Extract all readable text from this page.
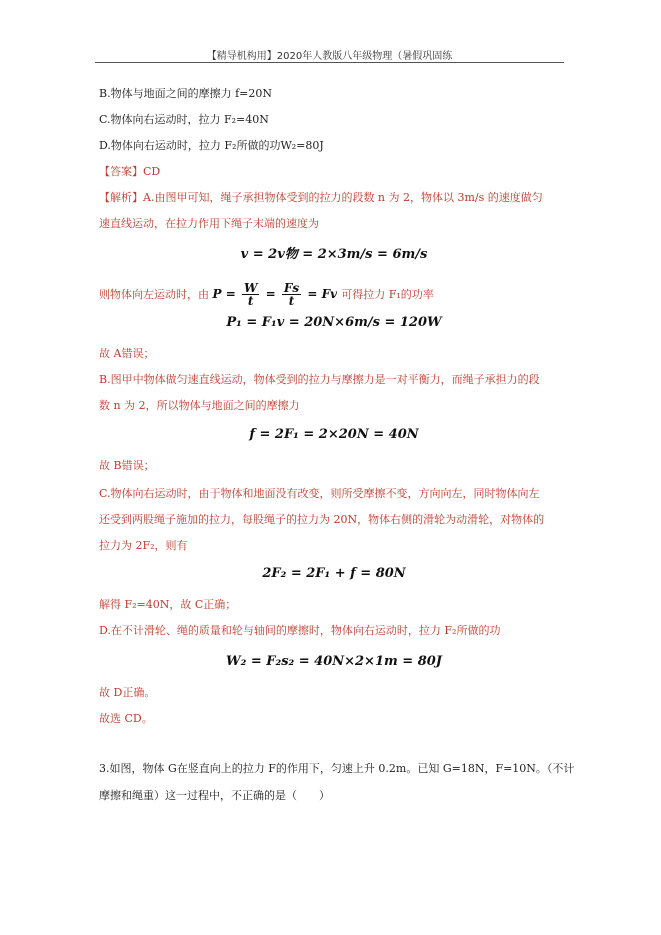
【精导机构用】2020年人教版八年级物理（暑假巩固练
B.物体与地面之间的摩擦力 f=20N
C.物体向右运动时，拉力 F₂=40N
D.物体向右运动时，拉力 F₂所做的功W₂=80J
【答案】CD
【解析】A.由图甲可知，绳子承担物体受到的拉力的段数 n 为 2，物体以 3m/s 的速度做匀
速直线运动，在拉力作用下绳子末端的速度为
v = 2v物 = 2×3m/s = 6m/s
则物体向左运动时，由 $P = \frac{W}{t} = \frac{Fs}{t} = Fv$ 可得拉力 F₁的功率
P₁ = F₁v = 20N×6m/s = 120W
故 A错误；
B.图甲中物体做匀速直线运动，物体受到的拉力与摩擦力是一对平衡力，而绳子承担力的段
数 n 为 2，所以物体与地面之间的摩擦力
f = 2F₁ = 2×20N = 40N
故 B错误；
C.物体向右运动时，由于物体和地面没有改变，则所受摩擦不变，方向向左，同时物体向左
还受到两股绳子施加的拉力，每股绳子的拉力为 20N，物体右侧的滑轮为动滑轮，对物体的
拉力为 2F₂，则有
2F₂ = 2F₁ + f = 80N
解得 F₂=40N，故 C正确；
D.在不计滑轮、绳的质量和轮与轴间的摩擦时，物体向右运动时，拉力 F₂所做的功
W₂ = F₂s₂ = 40N×2×1m = 80J
故 D正确。
故选 CD。
3.如图，物体 G在竖直向上的拉力 F的作用下，匀速上升 0.2m。已知 G=18N，F=10N。（不计
摩擦和绳重）这一过程中，不正确的是（　　）
